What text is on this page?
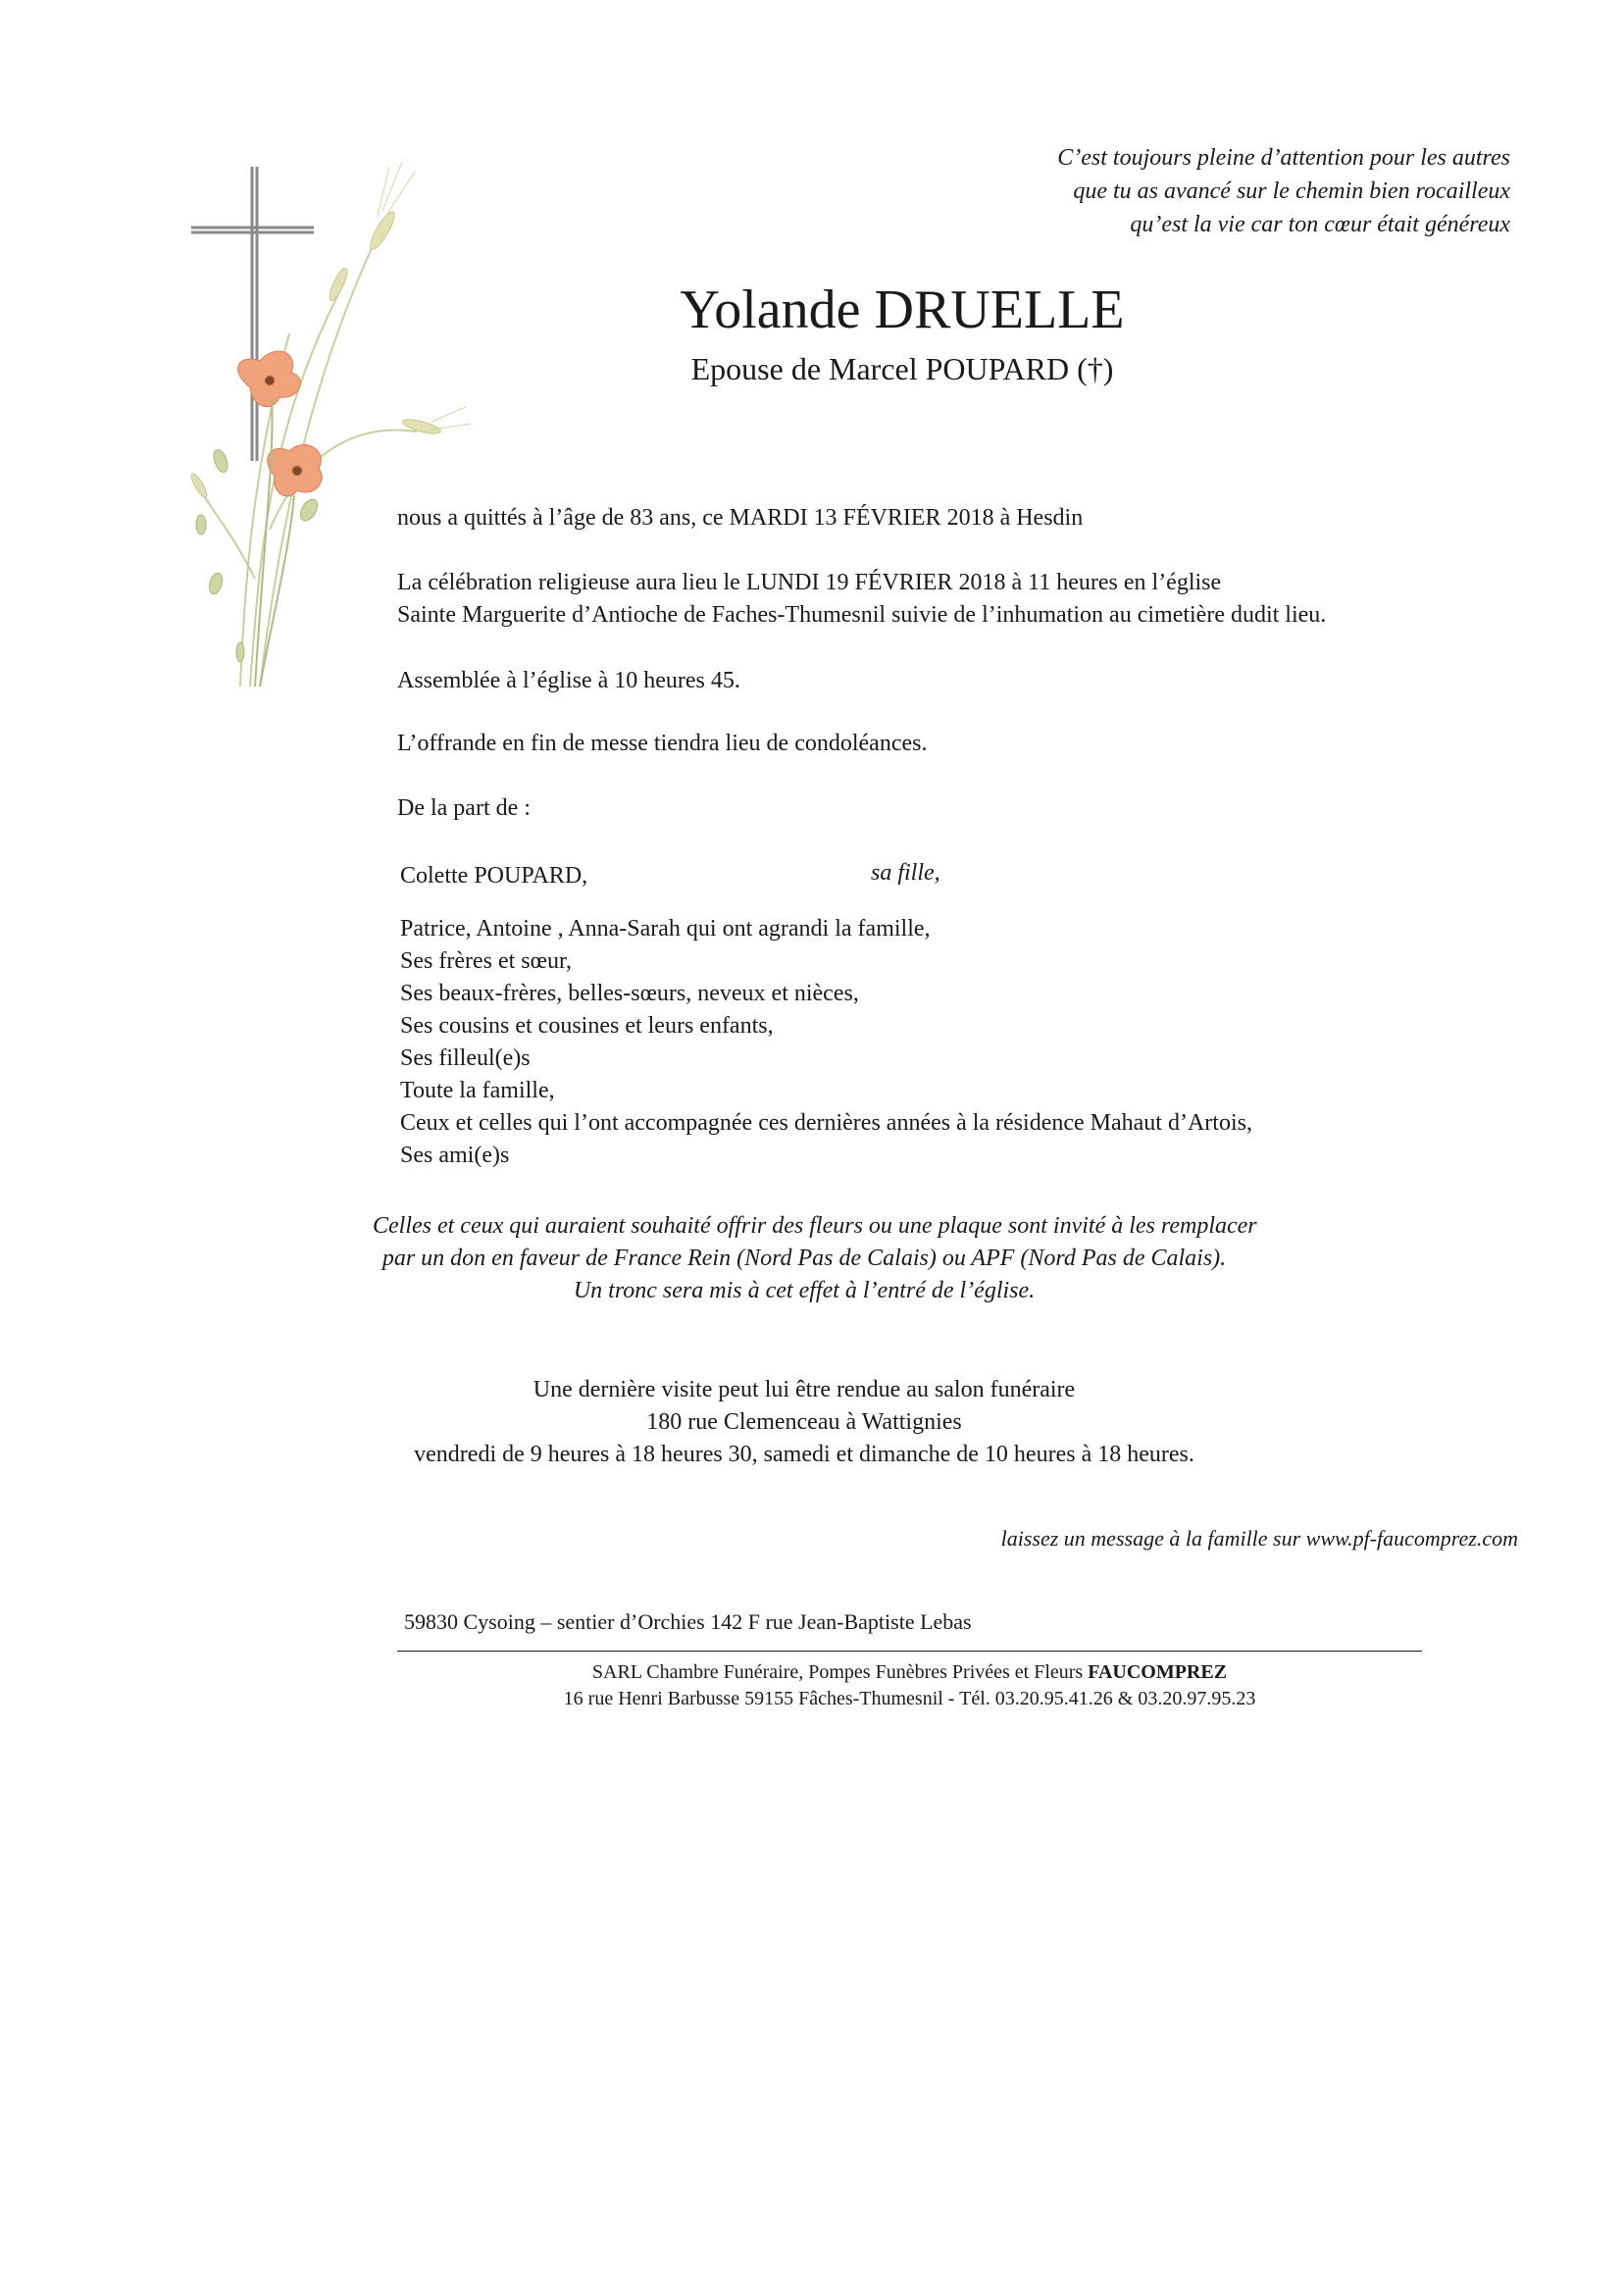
C’est toujours pleine d’attention pour les autres
que tu as avancé sur le chemin bien rocailleux
qu’est la vie car ton cœur était généreux
Yolande DRUELLE
Epouse de Marcel POUPARD (†)
nous a quittés à l’âge de 83 ans, ce MARDI 13 FÉVRIER 2018 à Hesdin
La célébration religieuse aura lieu le LUNDI 19 FÉVRIER 2018 à 11 heures en l’église
Sainte Marguerite d’Antioche de Faches-Thumesnil suivie de l’inhumation au cimetière dudit lieu.
Assemblée à l’église à 10 heures 45.
L’offrande en fin de messe tiendra lieu de condoléances.
De la part de :
Colette POUPARD,	sa fille,
Patrice, Antoine , Anna-Sarah qui ont agrandi la famille,
Ses frères et sœur,
Ses beaux-frères, belles-sœurs, neveux et nièces,
Ses cousins et cousines et leurs enfants,
Ses filleul(e)s
Toute la famille,
Ceux et celles qui l’ont accompagnée ces dernières années à la résidence Mahaut d’Artois,
Ses ami(e)s
Celles et ceux qui auraient souhaité offrir des fleurs ou une plaque sont invité à les remplacer
par un don en faveur de France Rein (Nord Pas de Calais) ou APF (Nord Pas de Calais).
Un tronc sera mis à cet effet à l’entré de l’église.
Une dernière visite peut lui être rendue au salon funéraire
180 rue Clemenceau à Wattignies
vendredi de 9 heures à 18 heures 30, samedi et dimanche de 10 heures à 18 heures.
laissez un message à la famille sur www.pf-faucomprez.com
59830 Cysoing – sentier d’Orchies 142 F rue Jean-Baptiste Lebas
SARL Chambre Funéraire, Pompes Funèbres Privées et Fleurs FAUCOMPREZ
16 rue Henri Barbusse 59155 Fâches-Thumesnil - Tél. 03.20.95.41.26 & 03.20.97.95.23
